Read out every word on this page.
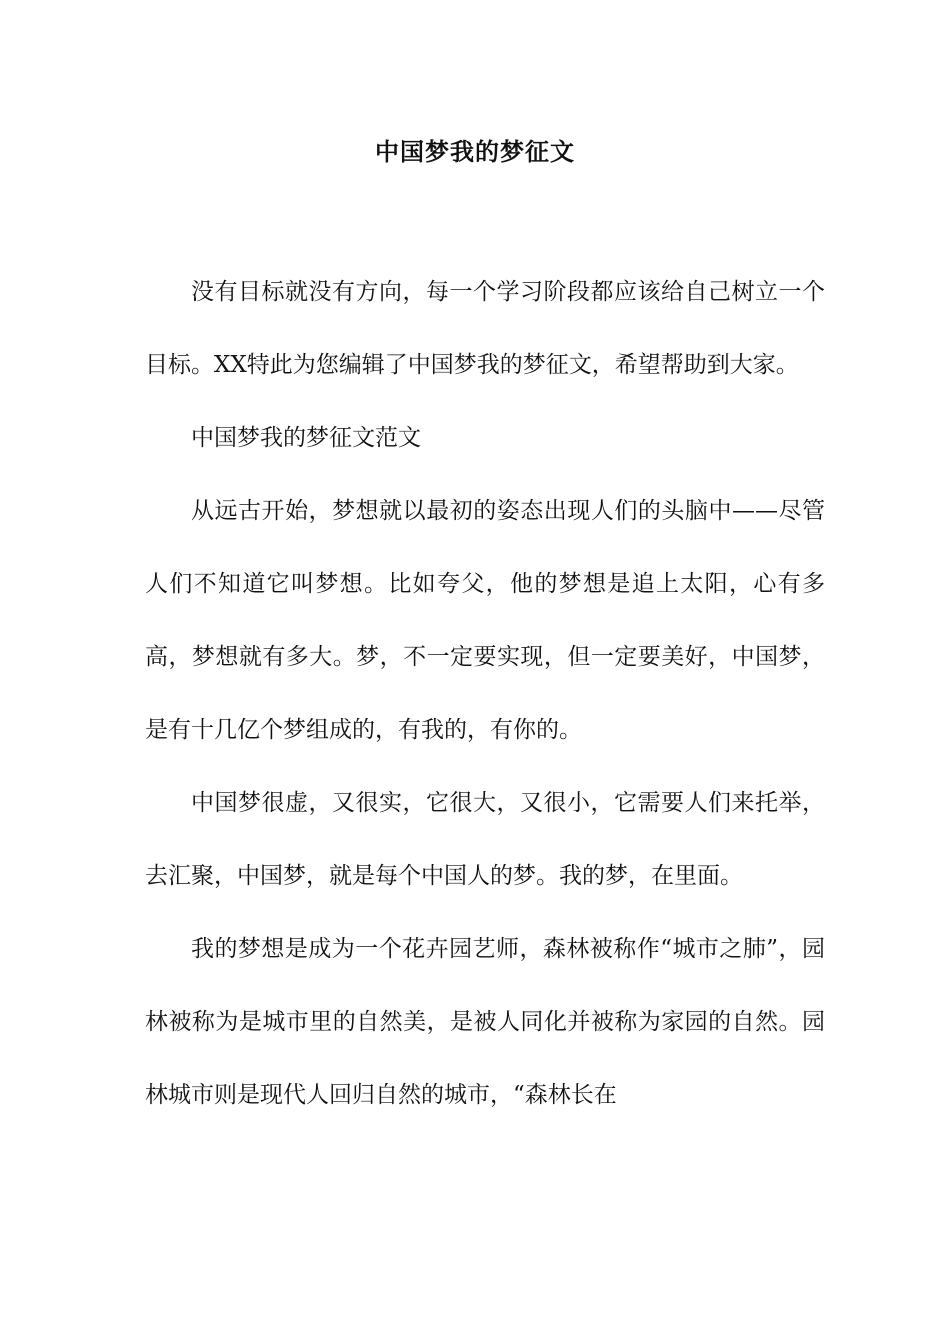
中国梦我的梦征文

没有目标就没有方向，每一个学习阶段都应该给自己树立一个目标。XX特此为您编辑了中国梦我的梦征文，希望帮助到大家。

中国梦我的梦征文范文

从远古开始，梦想就以最初的姿态出现人们的头脑中——尽管人们不知道它叫梦想。比如夸父，他的梦想是追上太阳，心有多高，梦想就有多大。梦，不一定要实现，但一定要美好，中国梦，是有十几亿个梦组成的，有我的，有你的。

中国梦很虚，又很实，它很大，又很小，它需要人们来托举，去汇聚，中国梦，就是每个中国人的梦。我的梦，在里面。

我的梦想是成为一个花卉园艺师，森林被称作“城市之肺”，园林被称为是城市里的自然美，是被人同化并被称为家园的自然。园林城市则是现代人回归自然的城市，“森林长在
